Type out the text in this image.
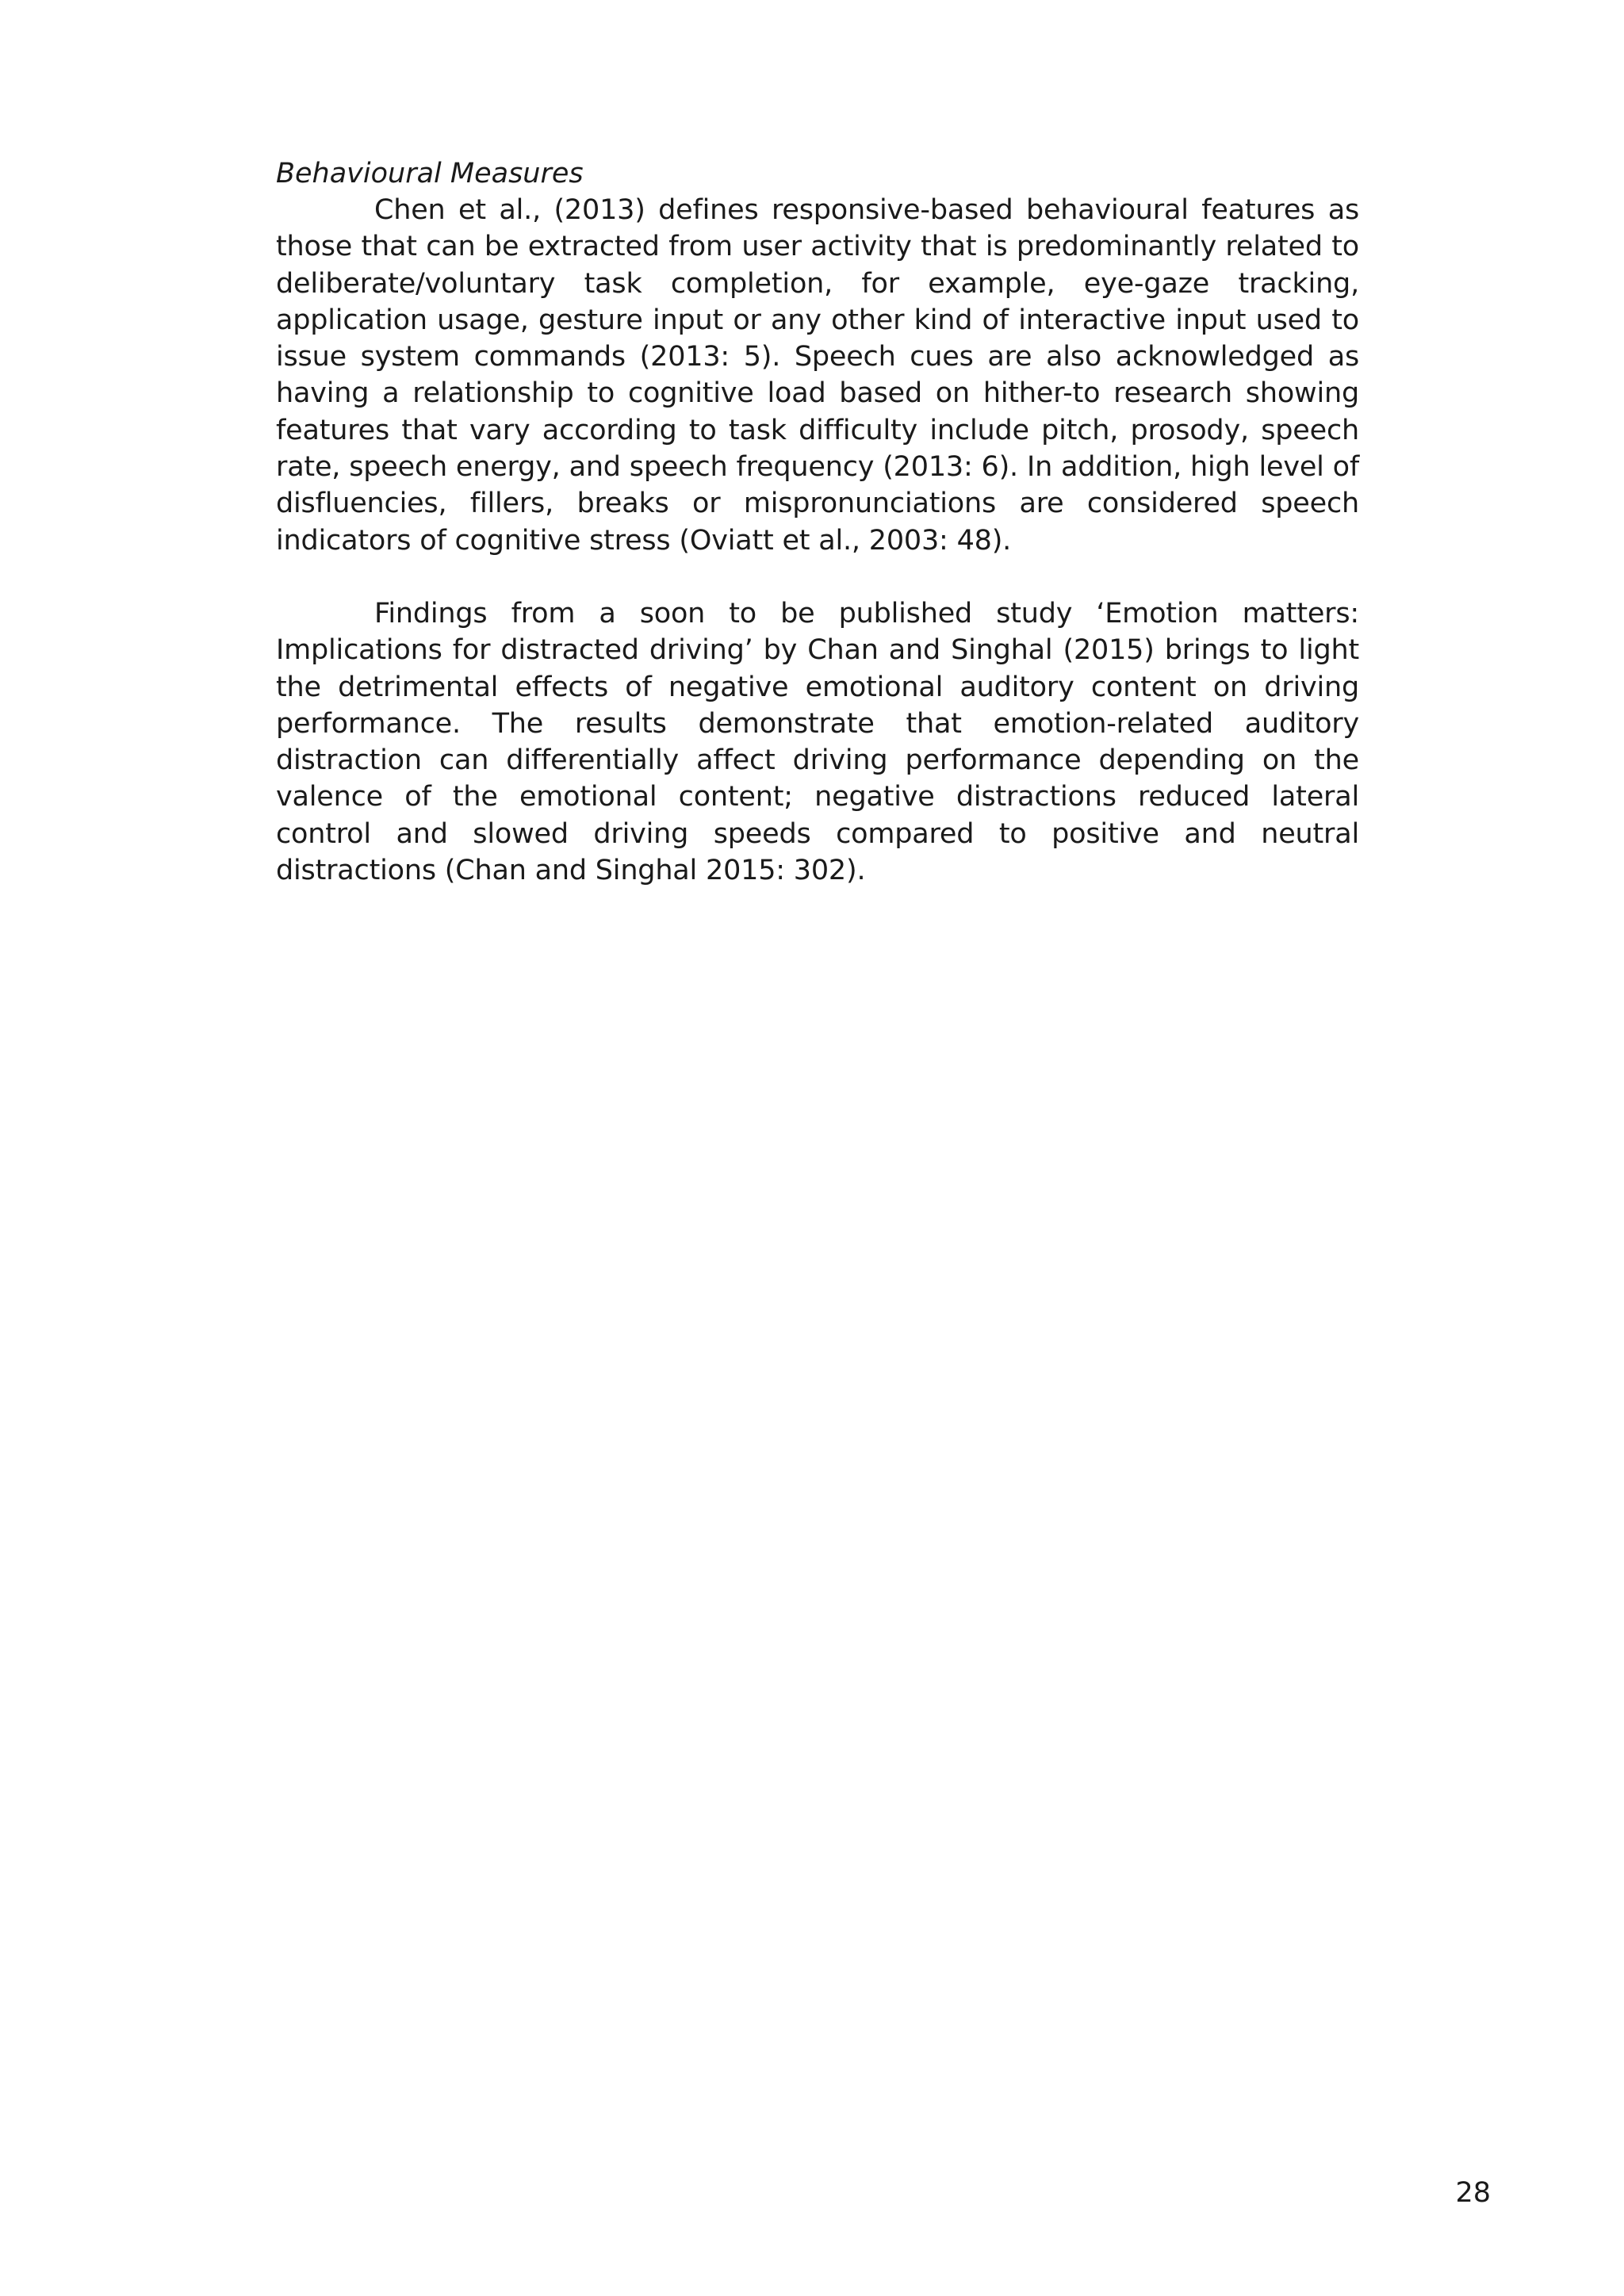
Behavioural Measures

Chen et al., (2013) defines responsive-based behavioural features as those that can be extracted from user activity that is predominantly related to deliberate/voluntary task completion, for example, eye-gaze tracking, application usage, gesture input or any other kind of interactive input used to issue system commands (2013: 5). Speech cues are also acknowledged as having a relationship to cognitive load based on hither-to research showing features that vary according to task difficulty include pitch, prosody, speech rate, speech energy, and speech frequency (2013: 6). In addition, high level of disfluencies, fillers, breaks or mispronunciations are considered speech indicators of cognitive stress (Oviatt et al., 2003: 48).

Findings from a soon to be published study ‘Emotion matters: Implications for distracted driving’ by Chan and Singhal (2015) brings to light the detrimental effects of negative emotional auditory content on driving performance. The results demonstrate that emotion-related auditory distraction can differentially affect driving performance depending on the valence of the emotional content; negative distractions reduced lateral control and slowed driving speeds compared to positive and neutral distractions (Chan and Singhal 2015: 302).

28
